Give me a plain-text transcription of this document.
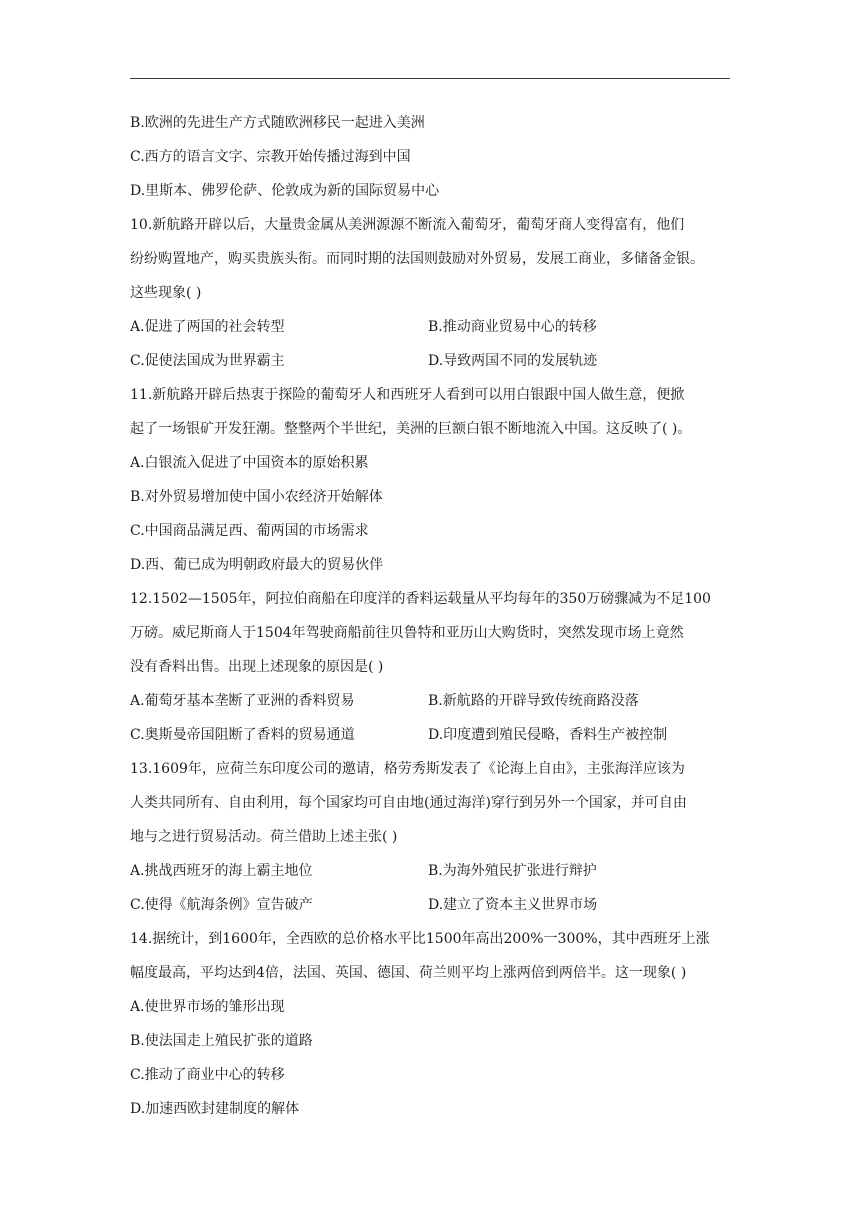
B.欧洲的先进生产方式随欧洲移民一起进入美洲
C.西方的语言文字、宗教开始传播过海到中国
D.里斯本、佛罗伦萨、伦敦成为新的国际贸易中心
10.新航路开辟以后，大量贵金属从美洲源源不断流入葡萄牙，葡萄牙商人变得富有，他们
纷纷购置地产，购买贵族头衔。而同时期的法国则鼓励对外贸易，发展工商业，多储备金银。
这些现象( )
A.促进了两国的社会转型	B.推动商业贸易中心的转移
C.促使法国成为世界霸主	D.导致两国不同的发展轨迹
11.新航路开辟后热衷于探险的葡萄牙人和西班牙人看到可以用白银跟中国人做生意，便掀
起了一场银矿开发狂潮。整整两个半世纪，美洲的巨额白银不断地流入中国。这反映了( )。
A.白银流入促进了中国资本的原始积累
B.对外贸易增加使中国小农经济开始解体
C.中国商品满足西、葡两国的市场需求
D.西、葡已成为明朝政府最大的贸易伙伴
12.1502—1505年，阿拉伯商船在印度洋的香料运载量从平均每年的350万磅骤减为不足100
万磅。威尼斯商人于1504年驾驶商船前往贝鲁特和亚历山大购货时，突然发现市场上竟然
没有香料出售。出现上述现象的原因是( )
A.葡萄牙基本垄断了亚洲的香料贸易	B.新航路的开辟导致传统商路没落
C.奥斯曼帝国阻断了香料的贸易通道	D.印度遭到殖民侵略，香料生产被控制
13.1609年，应荷兰东印度公司的邀请，格劳秀斯发表了《论海上自由》，主张海洋应该为
人类共同所有、自由利用，每个国家均可自由地(通过海洋)穿行到另外一个国家，并可自由
地与之进行贸易活动。荷兰借助上述主张( )
A.挑战西班牙的海上霸主地位	B.为海外殖民扩张进行辩护
C.使得《航海条例》宣告破产	D.建立了资本主义世界市场
14.据统计，到1600年，全西欧的总价格水平比1500年高出200%一300%，其中西班牙上涨
幅度最高，平均达到4倍，法国、英国、德国、荷兰则平均上涨两倍到两倍半。这一现象( )
A.使世界市场的雏形出现
B.使法国走上殖民扩张的道路
C.推动了商业中心的转移
D.加速西欧封建制度的解体
